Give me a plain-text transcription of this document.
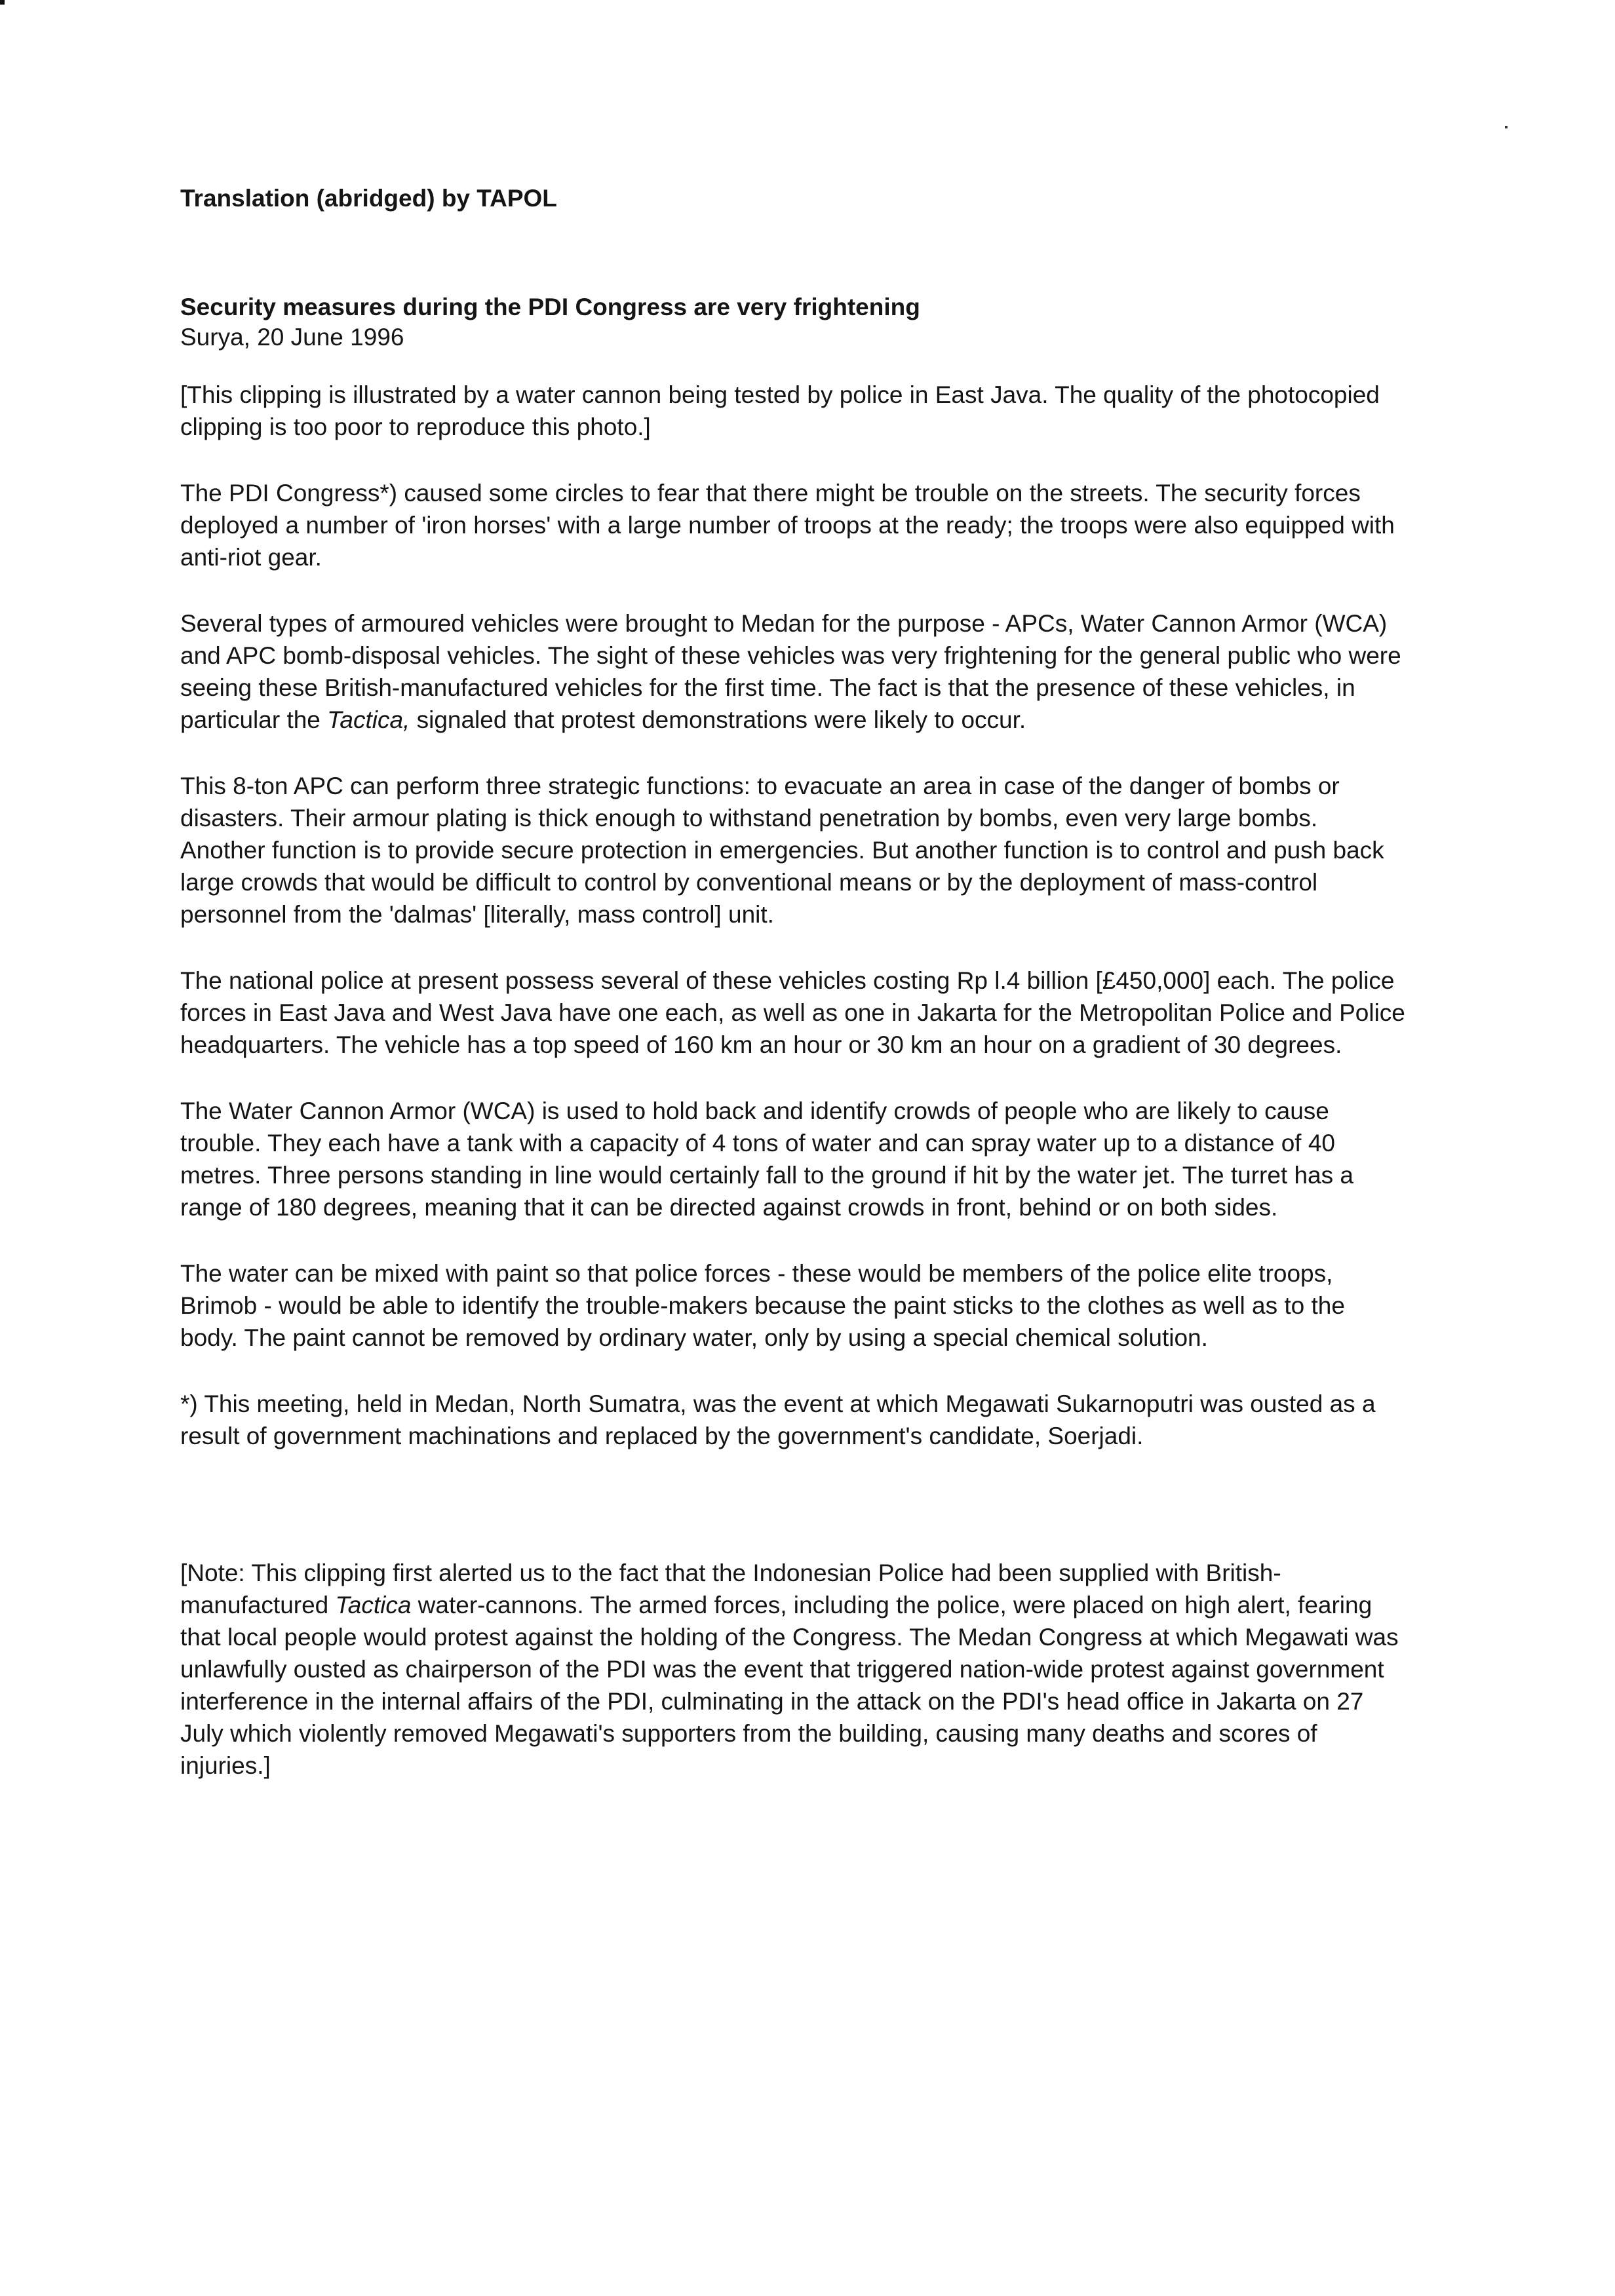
Translation (abridged) by TAPOL

Security measures during the PDI Congress are very frightening

Surya, 20 June 1996

[This clipping is illustrated by a water cannon being tested by police in East Java. The quality of the photocopied clipping is too poor to reproduce this photo.]

The PDI Congress*) caused some circles to fear that there might be trouble on the streets. The security forces deployed a number of 'iron horses' with a large number of troops at the ready; the troops were also equipped with anti-riot gear.

Several types of armoured vehicles were brought to Medan for the purpose - APCs, Water Cannon Armor (WCA) and APC bomb-disposal vehicles. The sight of these vehicles was very frightening for the general public who were seeing these British-manufactured vehicles for the first time. The fact is that the presence of these vehicles, in particular the Tactica, signaled that protest demonstrations were likely to occur.

This 8-ton APC can perform three strategic functions: to evacuate an area in case of the danger of bombs or disasters. Their armour plating is thick enough to withstand penetration by bombs, even very large bombs. Another function is to provide secure protection in emergencies. But another function is to control and push back large crowds that would be difficult to control by conventional means or by the deployment of mass-control personnel from the 'dalmas' [literally, mass control] unit.

The national police at present possess several of these vehicles costing Rp l.4 billion [£450,000] each. The police forces in East Java and West Java have one each, as well as one in Jakarta for the Metropolitan Police and Police headquarters. The vehicle has a top speed of 160 km an hour or 30 km an hour on a gradient of 30 degrees.

The Water Cannon Armor (WCA) is used to hold back and identify crowds of people who are likely to cause trouble. They each have a tank with a capacity of 4 tons of water and can spray water up to a distance of 40 metres. Three persons standing in line would certainly fall to the ground if hit by the water jet. The turret has a range of 180 degrees, meaning that it can be directed against crowds in front, behind or on both sides.

The water can be mixed with paint so that police forces - these would be members of the police elite troops, Brimob - would be able to identify the trouble-makers because the paint sticks to the clothes as well as to the body. The paint cannot be removed by ordinary water, only by using a special chemical solution.

*) This meeting, held in Medan, North Sumatra, was the event at which Megawati Sukarnoputri was ousted as a result of government machinations and replaced by the government's candidate, Soerjadi.

[Note: This clipping first alerted us to the fact that the Indonesian Police had been supplied with British-manufactured Tactica water-cannons. The armed forces, including the police, were placed on high alert, fearing that local people would protest against the holding of the Congress. The Medan Congress at which Megawati was unlawfully ousted as chairperson of the PDI was the event that triggered nation-wide protest against government interference in the internal affairs of the PDI, culminating in the attack on the PDI's head office in Jakarta on 27 July which violently removed Megawati's supporters from the building, causing many deaths and scores of injuries.]
